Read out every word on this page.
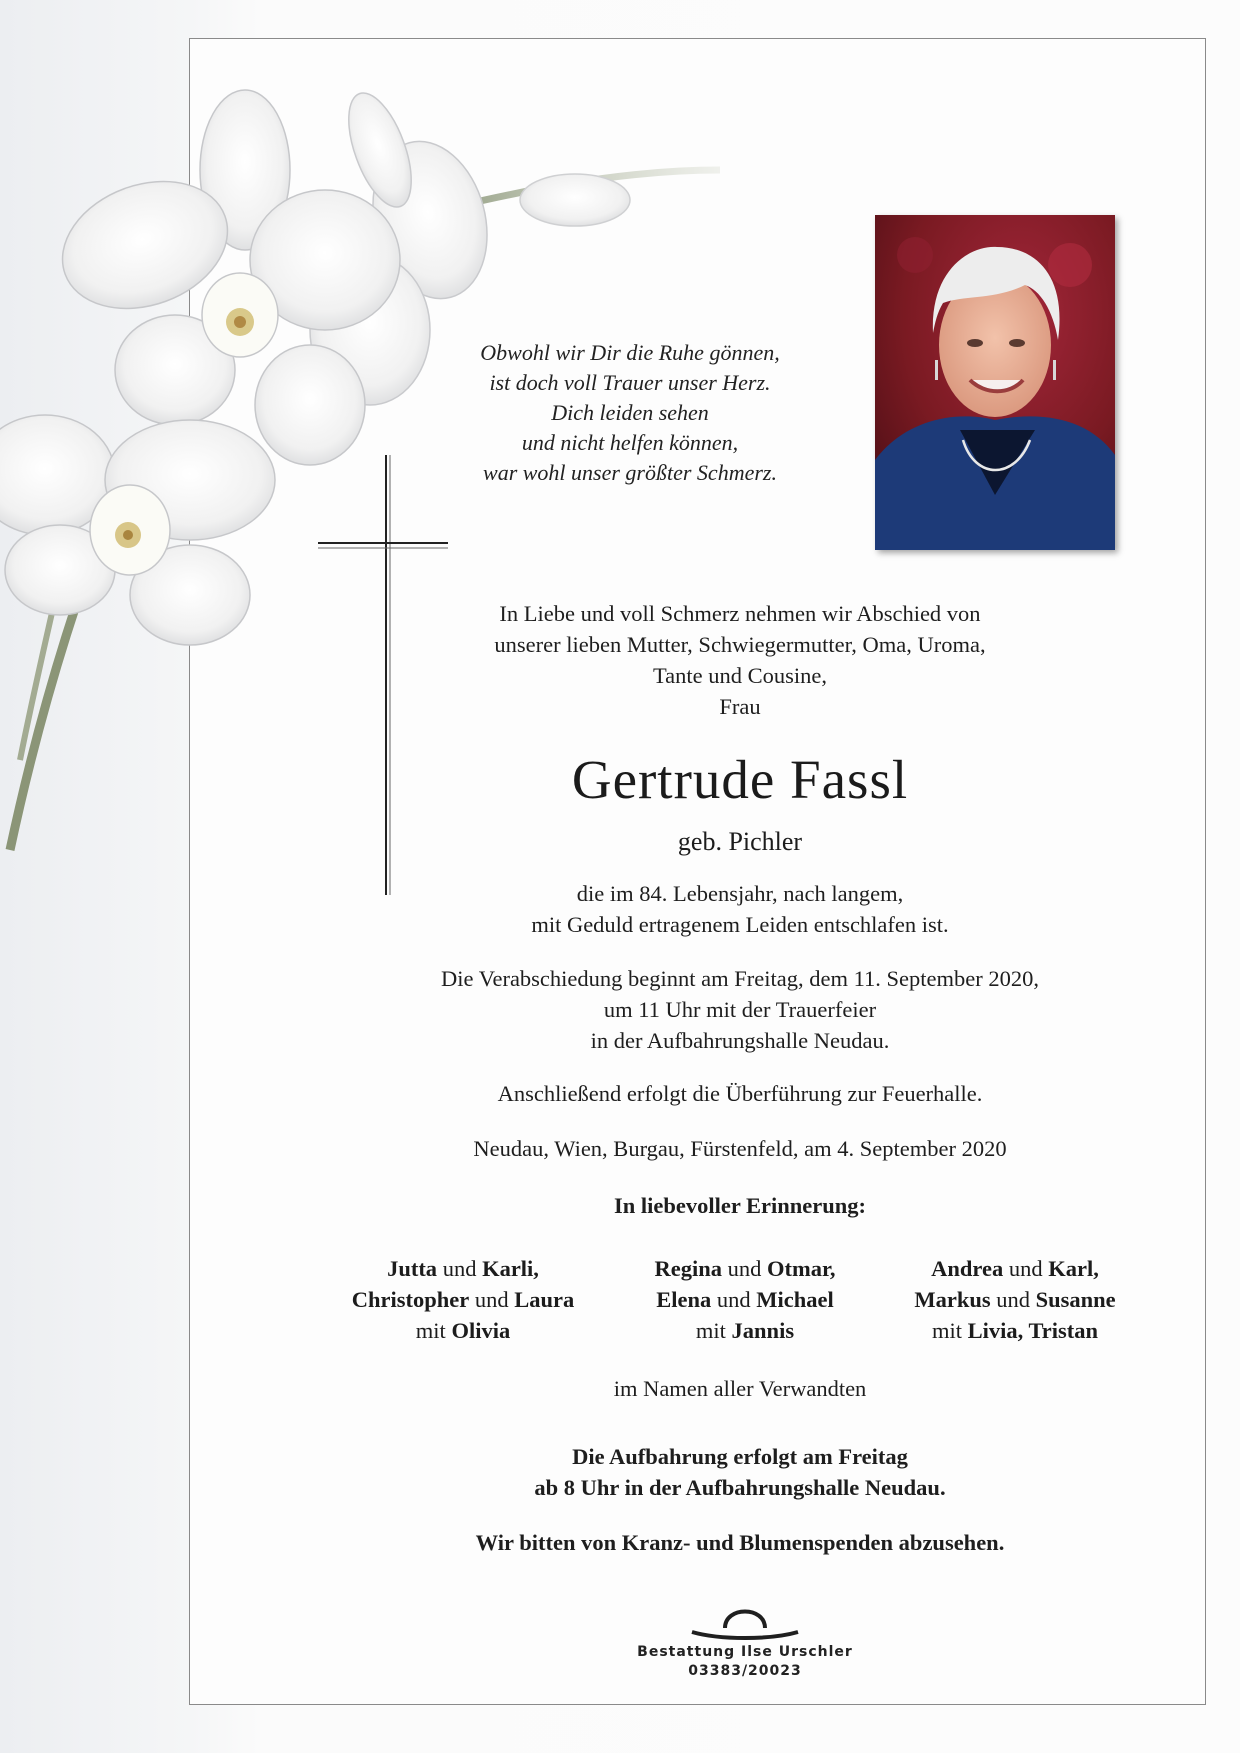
Obwohl wir Dir die Ruhe gönnen,
ist doch voll Trauer unser Herz.
Dich leiden sehen
und nicht helfen können,
war wohl unser größter Schmerz.
In Liebe und voll Schmerz nehmen wir Abschied von
unserer lieben Mutter, Schwiegermutter, Oma, Uroma,
Tante und Cousine,
Frau
Gertrude Fassl
geb. Pichler
die im 84. Lebensjahr, nach langem,
mit Geduld ertragenem Leiden entschlafen ist.
Die Verabschiedung beginnt am Freitag, dem 11. September 2020,
um 11 Uhr mit der Trauerfeier
in der Aufbahrungshalle Neudau.
Anschließend erfolgt die Überführung zur Feuerhalle.
Neudau, Wien, Burgau, Fürstenfeld, am 4. September 2020
In liebevoller Erinnerung:
Jutta und Karli,
Christopher und Laura
mit Olivia
Regina und Otmar,
Elena und Michael
mit Jannis
Andrea und Karl,
Markus und Susanne
mit Livia, Tristan
im Namen aller Verwandten
Die Aufbahrung erfolgt am Freitag
ab 8 Uhr in der Aufbahrungshalle Neudau.
Wir bitten von Kranz- und Blumenspenden abzusehen.
Bestattung Ilse Urschler
03383/20023
